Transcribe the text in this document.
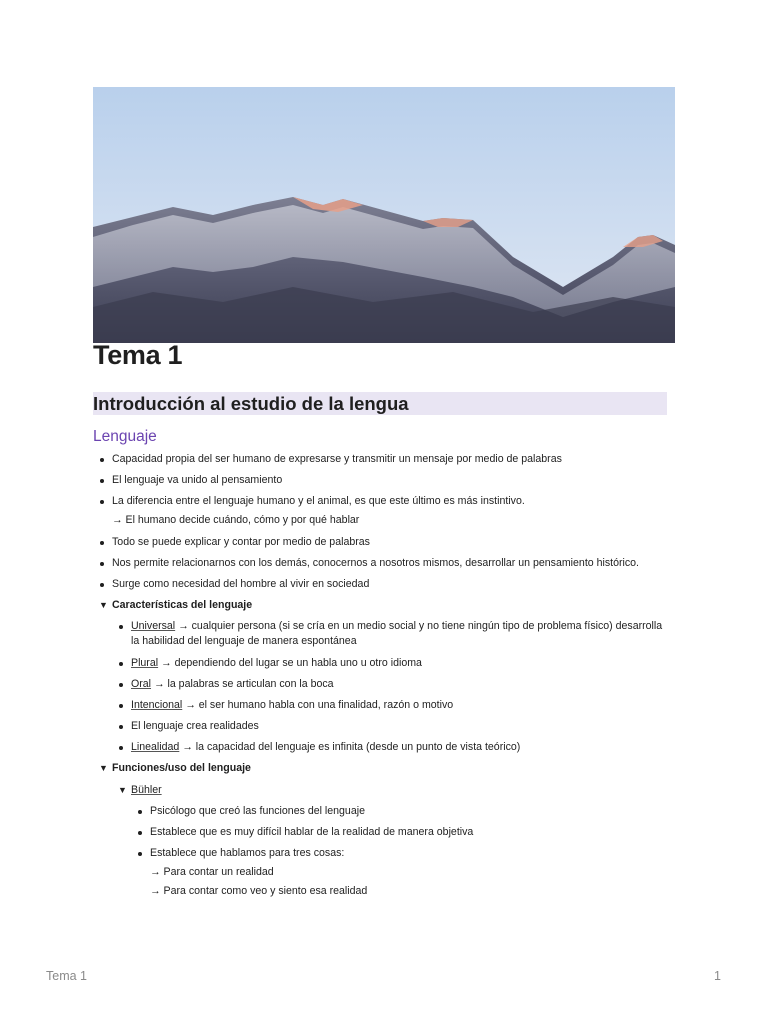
Tema 1
Introducción al estudio de la lengua
Lenguaje
Capacidad propia del ser humano de expresarse y transmitir un mensaje por medio de palabras
El lenguaje va unido al pensamiento
La diferencia entre el lenguaje humano y el animal, es que este último es más instintivo.
→ El humano decide cuándo, cómo y por qué hablar
Todo se puede explicar y contar por medio de palabras
Nos permite relacionarnos con los demás, conocernos a nosotros mismos, desarrollar un pensamiento histórico.
Surge como necesidad del hombre al vivir en sociedad
▼ Características del lenguaje
Universal → cualquier persona (si se cría en un medio social y no tiene ningún tipo de problema físico) desarrolla la habilidad del lenguaje de manera espontánea
Plural → dependiendo del lugar se un habla uno u otro idioma
Oral → la palabras se articulan con la boca
Intencional → el ser humano habla con una finalidad, razón o motivo
El lenguaje crea realidades
Linealidad → la capacidad del lenguaje es infinita (desde un punto de vista teórico)
▼ Funciones/uso del lenguaje
▼ Bühler
Psicólogo que creó las funciones del lenguaje
Establece que es muy difícil hablar de la realidad de manera objetiva
Establece que hablamos para tres cosas:
→ Para contar un realidad
→ Para contar como veo y siento esa realidad
Tema 1	1
